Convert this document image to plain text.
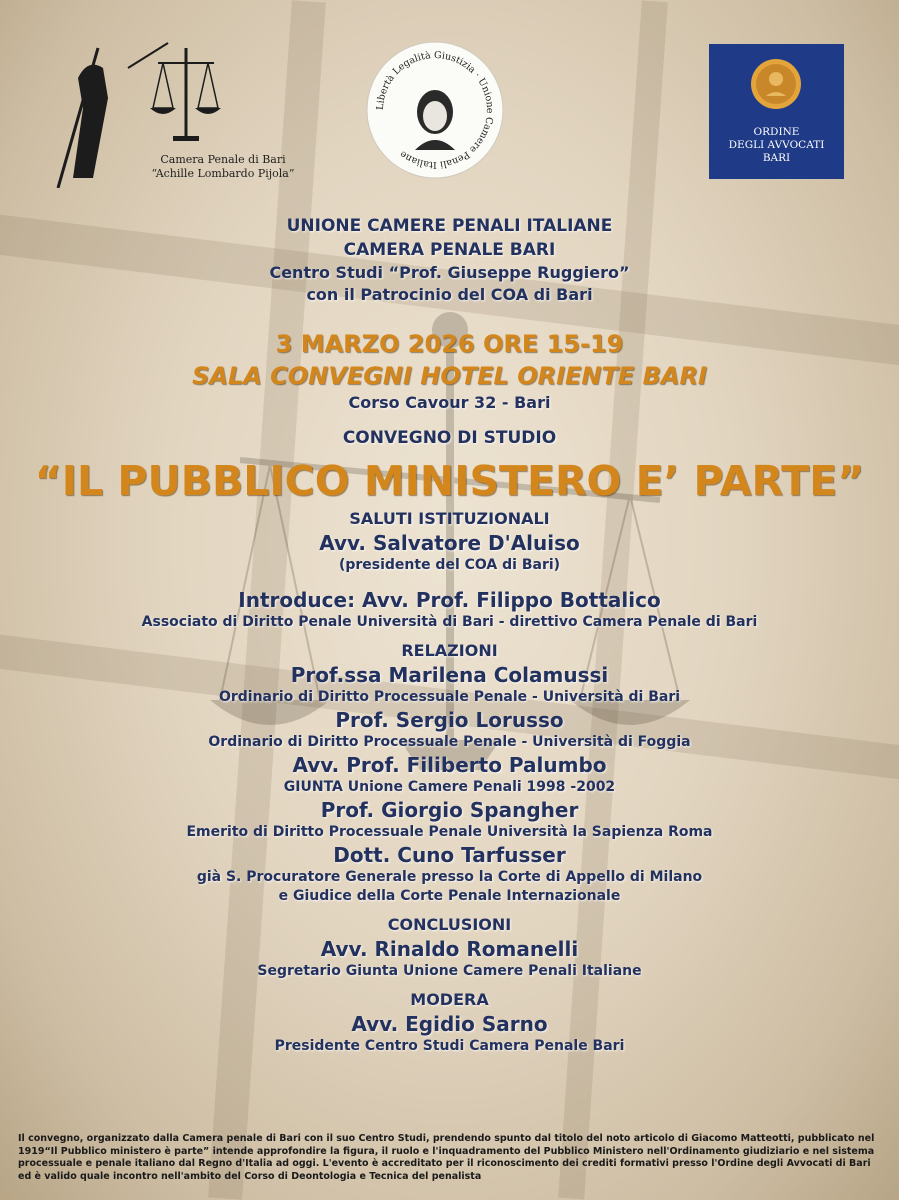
Camera Penale di Bari
“Achille Lombardo Pijola”
Libertà Legalità Giustizia · Unione Camere Penali Italiane
ORDINE
DEGLI AVVOCATI
BARI
UNIONE CAMERE PENALI ITALIANE
CAMERA PENALE BARI
Centro Studi “Prof. Giuseppe Ruggiero”
con il Patrocinio del COA di Bari
3 MARZO 2026 ORE 15-19
SALA CONVEGNI HOTEL ORIENTE BARI
Corso Cavour 32 - Bari
CONVEGNO DI STUDIO
“IL PUBBLICO MINISTERO E’ PARTE”
SALUTI ISTITUZIONALI
Avv. Salvatore D'Aluiso
(presidente del COA di Bari)
Introduce: Avv. Prof. Filippo Bottalico
Associato di Diritto Penale Università di Bari - direttivo Camera Penale di Bari
RELAZIONI
Prof.ssa Marilena Colamussi
Ordinario di Diritto Processuale Penale - Università di Bari
Prof. Sergio Lorusso
Ordinario di Diritto Processuale Penale - Università di Foggia
Avv. Prof. Filiberto Palumbo
GIUNTA Unione Camere Penali 1998 -2002
Prof. Giorgio Spangher
Emerito di Diritto Processuale Penale Università la Sapienza Roma
Dott. Cuno Tarfusser
già S. Procuratore Generale presso la Corte di Appello di Milano
e Giudice della Corte Penale Internazionale
CONCLUSIONI
Avv. Rinaldo Romanelli
Segretario Giunta Unione Camere Penali Italiane
MODERA
Avv. Egidio Sarno
Presidente Centro Studi Camera Penale Bari
Il convegno, organizzato dalla Camera penale di Bari con il suo Centro Studi, prendendo spunto dal titolo del noto articolo di Giacomo Matteotti, pubblicato nel 1919“Il Pubblico ministero è parte” intende approfondire la figura, il ruolo e l'inquadramento del Pubblico Ministero nell'Ordinamento giudiziario e nel sistema processuale e penale italiano dal Regno d'Italia ad oggi. L'evento è accreditato per il riconoscimento dei crediti formativi presso l'Ordine degli Avvocati di Bari ed è valido quale incontro nell'ambito del Corso di Deontologia e Tecnica del penalista
